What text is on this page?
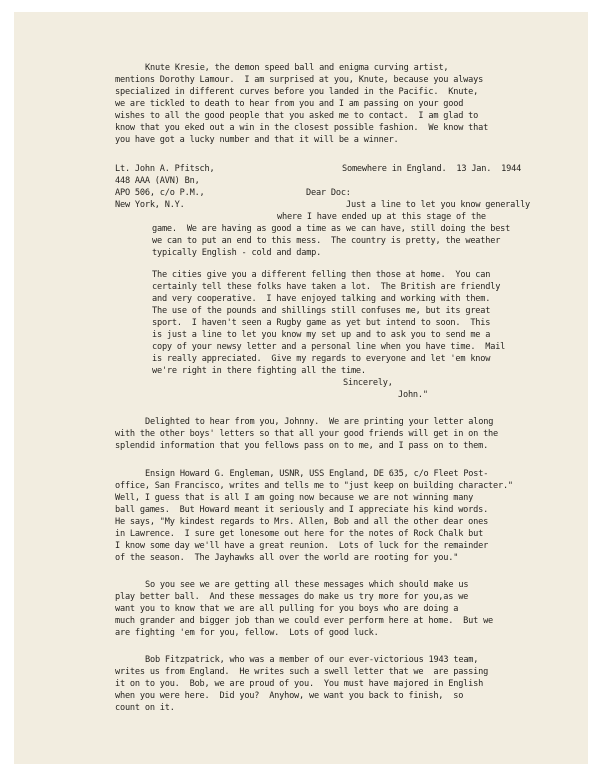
Knute Kresie, the demon speed ball and enigma curving artist,
mentions Dorothy Lamour.  I am surprised at you, Knute, because you always
specialized in different curves before you landed in the Pacific.  Knute,
we are tickled to death to hear from you and I am passing on your good
wishes to all the good people that you asked me to contact.  I am glad to
know that you eked out a win in the closest possible fashion.  We know that
you have got a lucky number and that it will be a winner.
Lt. John A. Pfitsch,	Somewhere in England.  13 Jan.  1944
448 AAA (AVN) Bn,
APO 506, c/o P.M.,	Dear Doc:
New York, N.Y.	Just a line to let you know generally
where I have ended up at this stage of the
game.  We are having as good a time as we can have, still doing the best
we can to put an end to this mess.  The country is pretty, the weather
typically English - cold and damp.
The cities give you a different felling then those at home.  You can
certainly tell these folks have taken a lot.  The British are friendly
and very cooperative.  I have enjoyed talking and working with them.
The use of the pounds and shillings still confuses me, but its great
sport.  I haven't seen a Rugby game as yet but intend to soon.  This
is just a line to let you know my set up and to ask you to send me a
copy of your newsy letter and a personal line when you have time.  Mail
is really appreciated.  Give my regards to everyone and let 'em know
we're right in there fighting all the time.
Sincerely,
John."
Delighted to hear from you, Johnny.  We are printing your letter along
with the other boys' letters so that all your good friends will get in on the
splendid information that you fellows pass on to me, and I pass on to them.
Ensign Howard G. Engleman, USNR, USS England, DE 635, c/o Fleet Post-
office, San Francisco, writes and tells me to "just keep on building character."
Well, I guess that is all I am going now because we are not winning many
ball games.  But Howard meant it seriously and I appreciate his kind words.
He says, "My kindest regards to Mrs. Allen, Bob and all the other dear ones
in Lawrence.  I sure get lonesome out here for the notes of Rock Chalk but
I know some day we'll have a great reunion.  Lots of luck for the remainder
of the season.  The Jayhawks all over the world are rooting for you."
So you see we are getting all these messages which should make us
play better ball.  And these messages do make us try more for you,as we
want you to know that we are all pulling for you boys who are doing a
much grander and bigger job than we could ever perform here at home.  But we
are fighting 'em for you, fellow.  Lots of good luck.
Bob Fitzpatrick, who was a member of our ever-victorious 1943 team,
writes us from England.  He writes such a swell letter that we  are passing
it on to you.  Bob, we are proud of you.  You must have majored in English
when you were here.  Did you?  Anyhow, we want you back to finish,  so
count on it.
